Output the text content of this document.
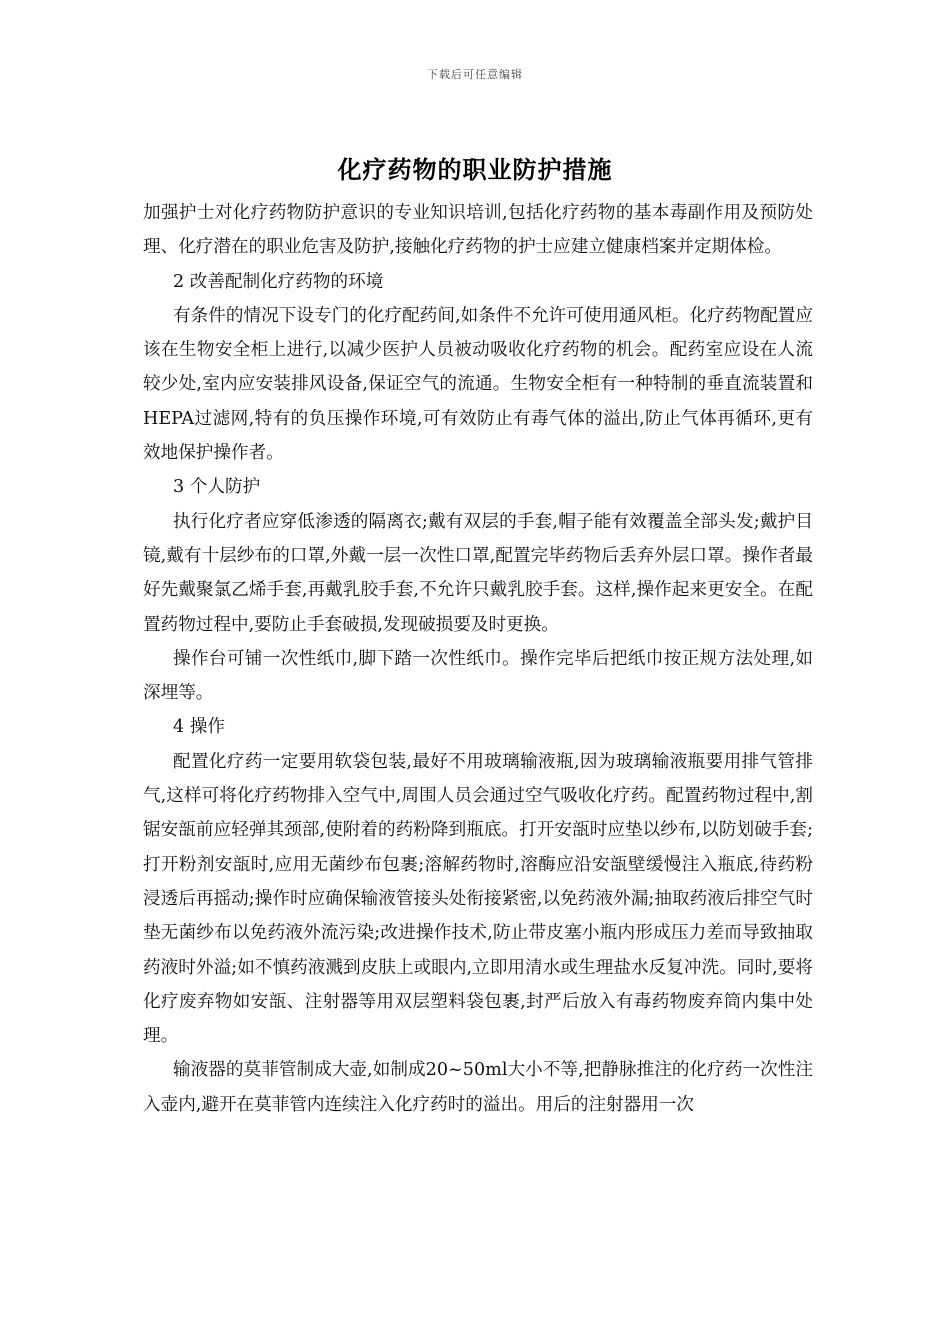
下载后可任意编辑
化疗药物的职业防护措施

加强护士对化疗药物防护意识的专业知识培训,包括化疗药物的基本毒副作用及预防处理、化疗潜在的职业危害及防护,接触化疗药物的护士应建立健康档案并定期体检。

2 改善配制化疗药物的环境

有条件的情况下设专门的化疗配药间,如条件不允许可使用通风柜。化疗药物配置应该在生物安全柜上进行,以减少医护人员被动吸收化疗药物的机会。配药室应设在人流较少处,室内应安装排风设备,保证空气的流通。生物安全柜有一种特制的垂直流装置和HEPA过滤网,特有的负压操作环境,可有效防止有毒气体的溢出,防止气体再循环,更有效地保护操作者。

3 个人防护

执行化疗者应穿低渗透的隔离衣;戴有双层的手套,帽子能有效覆盖全部头发;戴护目镜,戴有十层纱布的口罩,外戴一层一次性口罩,配置完毕药物后丢弃外层口罩。操作者最好先戴聚氯乙烯手套,再戴乳胶手套,不允许只戴乳胶手套。这样,操作起来更安全。在配置药物过程中,要防止手套破损,发现破损要及时更换。

操作台可铺一次性纸巾,脚下踏一次性纸巾。操作完毕后把纸巾按正规方法处理,如深埋等。

4 操作

配置化疗药一定要用软袋包装,最好不用玻璃输液瓶,因为玻璃输液瓶要用排气管排气,这样可将化疗药物排入空气中,周围人员会通过空气吸收化疗药。配置药物过程中,割锯安瓿前应轻弹其颈部,使附着的药粉降到瓶底。打开安瓿时应垫以纱布,以防划破手套;打开粉剂安瓿时,应用无菌纱布包裹;溶解药物时,溶酶应沿安瓿壁缓慢注入瓶底,待药粉浸透后再摇动;操作时应确保输液管接头处衔接紧密,以免药液外漏;抽取药液后排空气时垫无菌纱布以免药液外流污染;改进操作技术,防止带皮塞小瓶内形成压力差而导致抽取药液时外溢;如不慎药液溅到皮肤上或眼内,立即用清水或生理盐水反复冲洗。同时,要将化疗废弃物如安瓿、注射器等用双层塑料袋包裹,封严后放入有毒药物废弃筒内集中处理。

输液器的莫菲管制成大壶,如制成20~50ml大小不等,把静脉推注的化疗药一次性注入壶内,避开在莫菲管内连续注入化疗药时的溢出。用后的注射器用一次
